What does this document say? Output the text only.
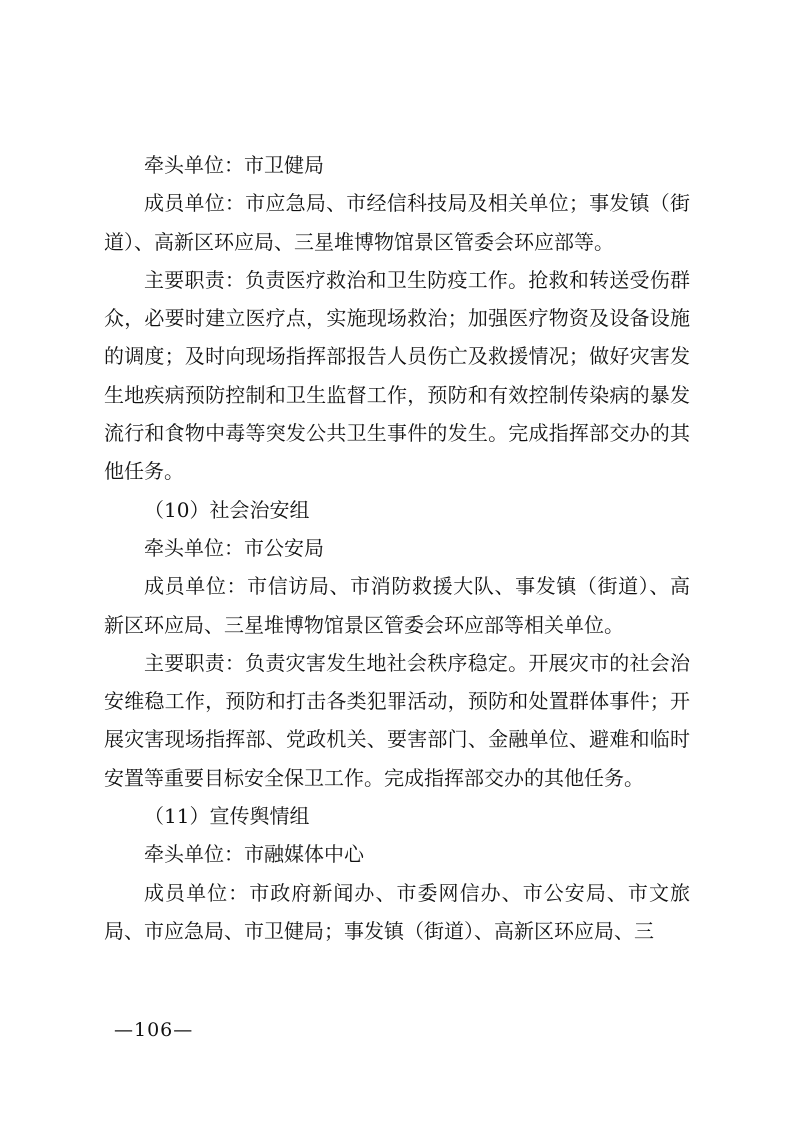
牵头单位：市卫健局

成员单位：市应急局、市经信科技局及相关单位；事发镇（街道）、高新区环应局、三星堆博物馆景区管委会环应部等。

主要职责：负责医疗救治和卫生防疫工作。抢救和转送受伤群众，必要时建立医疗点，实施现场救治；加强医疗物资及设备设施的调度；及时向现场指挥部报告人员伤亡及救援情况；做好灾害发生地疾病预防控制和卫生监督工作，预防和有效控制传染病的暴发流行和食物中毒等突发公共卫生事件的发生。完成指挥部交办的其他任务。

（10）社会治安组

牵头单位：市公安局

成员单位：市信访局、市消防救援大队、事发镇（街道）、高新区环应局、三星堆博物馆景区管委会环应部等相关单位。

主要职责：负责灾害发生地社会秩序稳定。开展灾市的社会治安维稳工作，预防和打击各类犯罪活动，预防和处置群体事件；开展灾害现场指挥部、党政机关、要害部门、金融单位、避难和临时安置等重要目标安全保卫工作。完成指挥部交办的其他任务。

（11）宣传舆情组

牵头单位：市融媒体中心

成员单位：市政府新闻办、市委网信办、市公安局、市文旅局、市应急局、市卫健局；事发镇（街道）、高新区环应局、三

—106—
